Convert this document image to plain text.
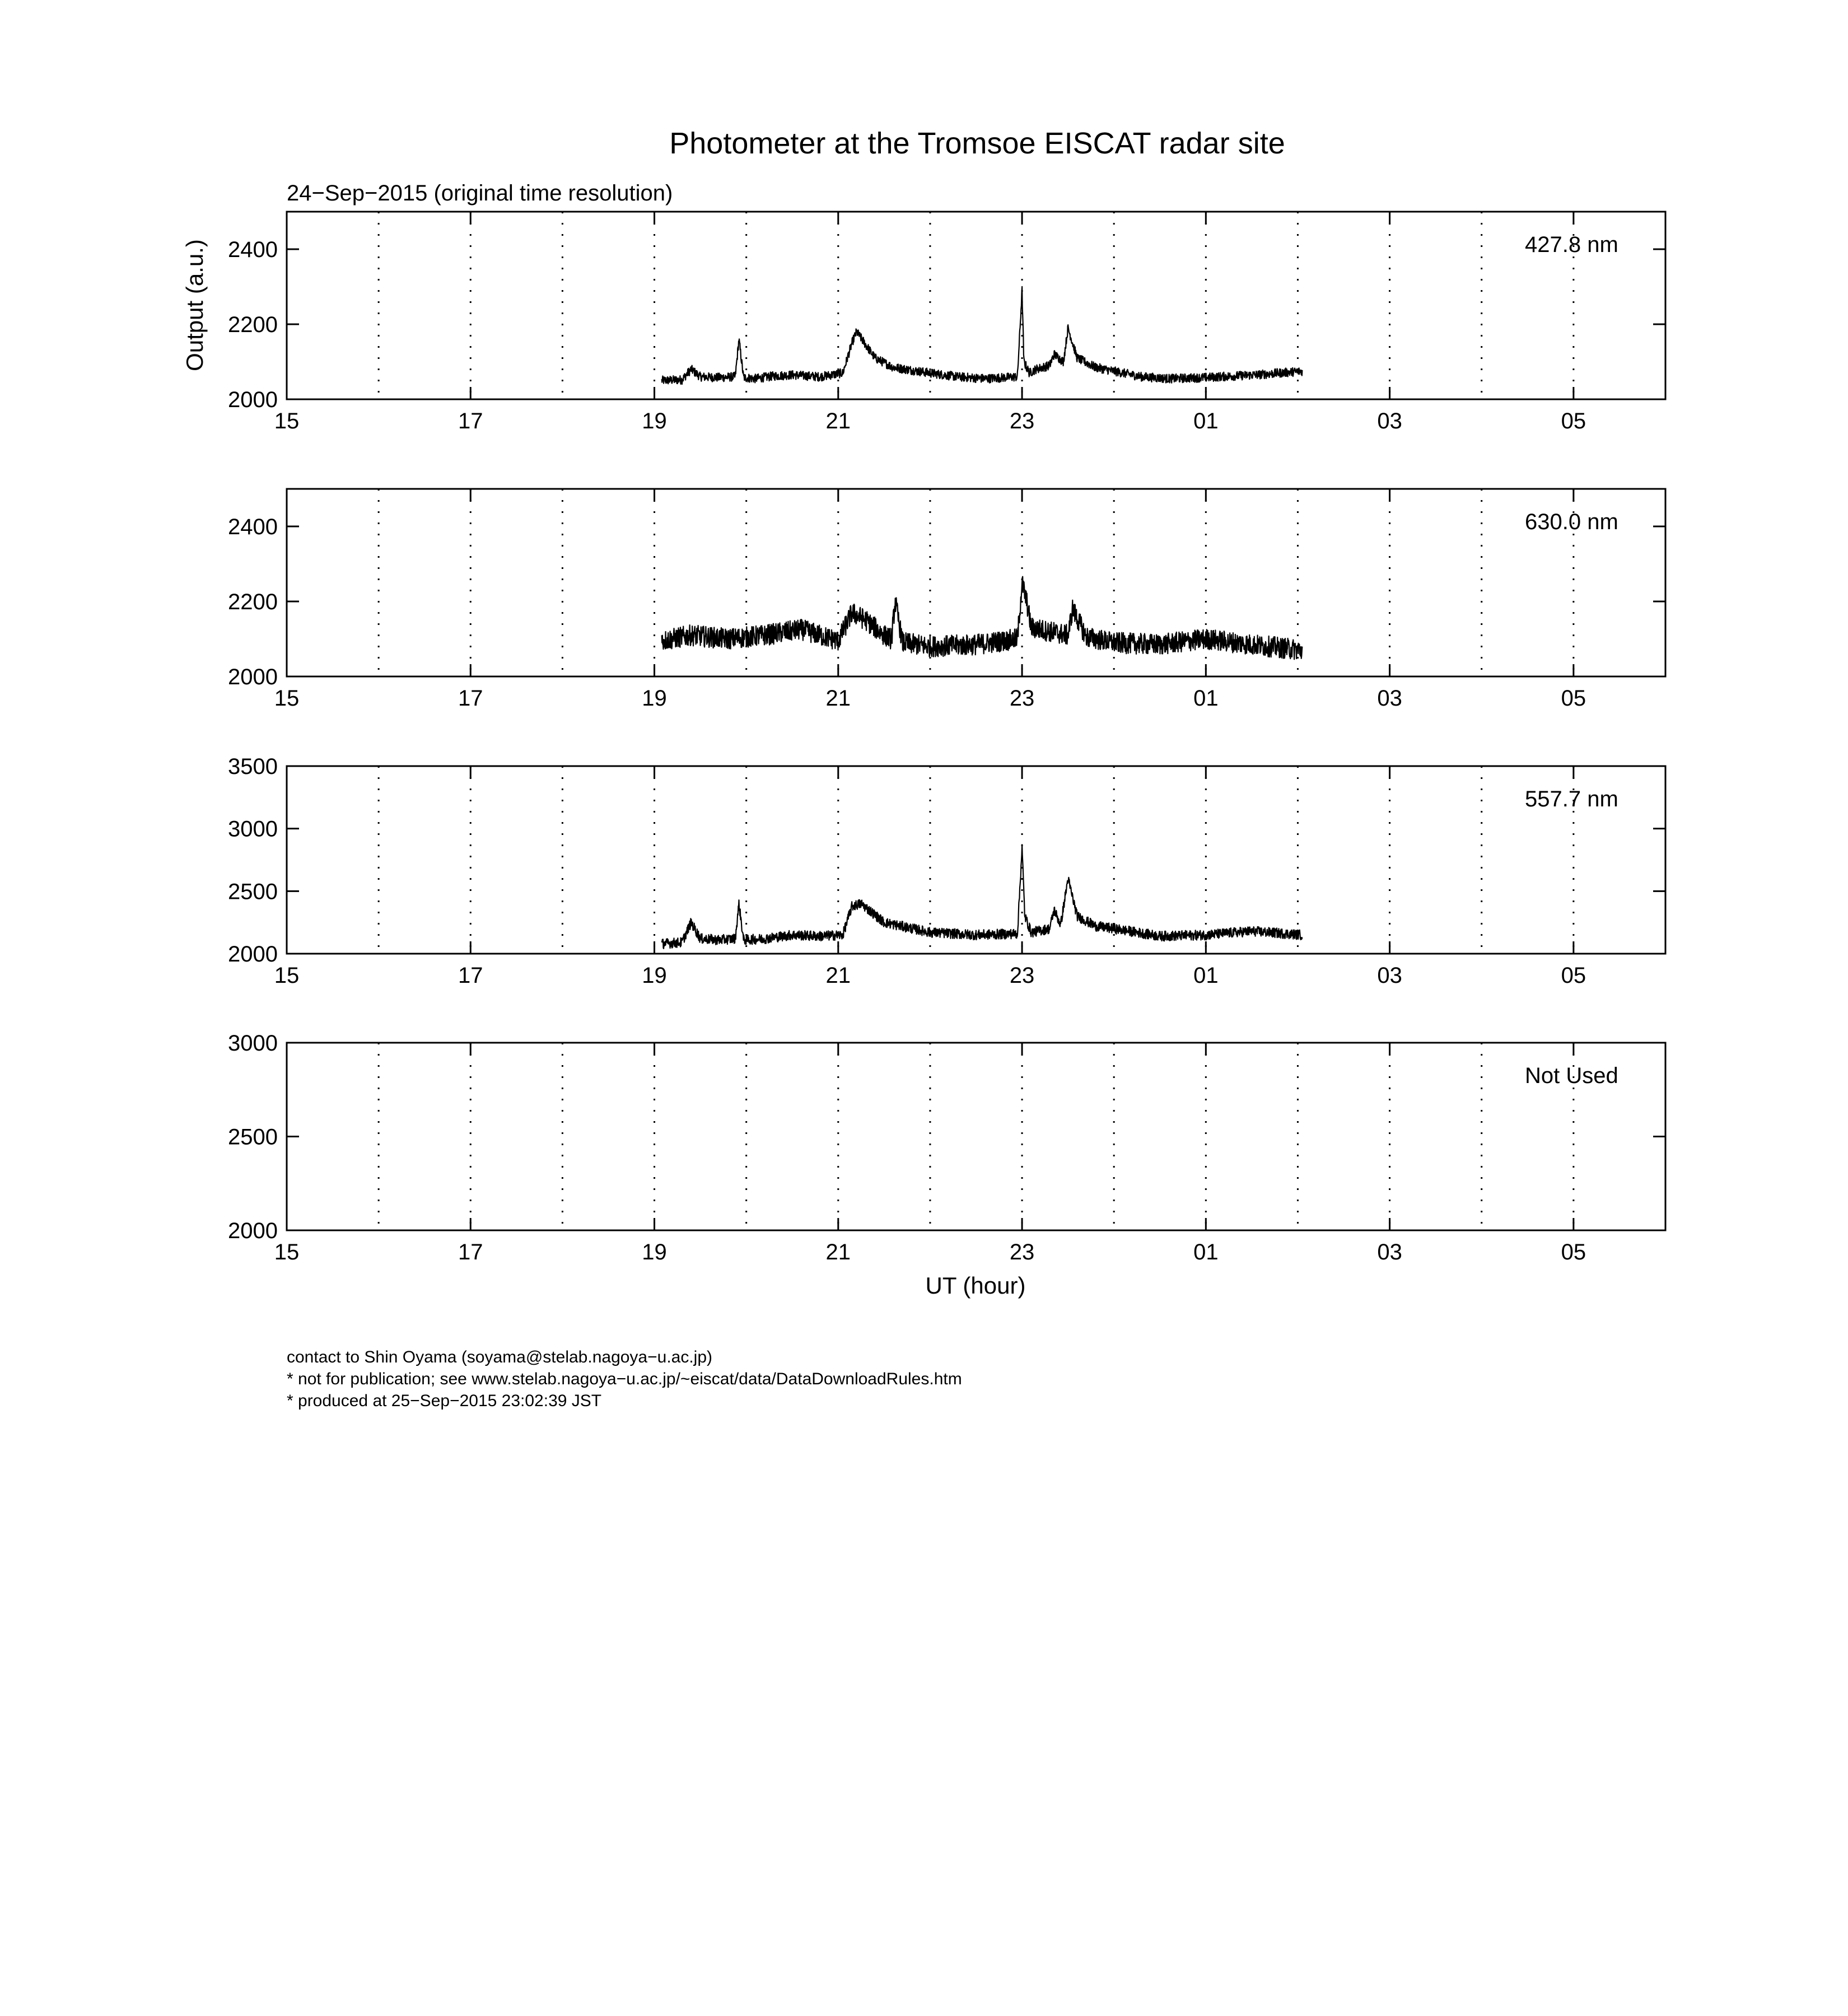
Photometer at the Tromsoe EISCAT radar site
24−Sep−2015 (original time resolution)
Output (a.u.)
2000
2200
2400
15	17	19	21	23	01	03	05
427.8 nm
2000
2200
2400
15	17	19	21	23	01	03	05
630.0 nm
2000
2500
3000
3500
15	17	19	21	23	01	03	05
557.7 nm
2000
2500
3000
15	17	19	21	23	01	03	05
Not Used
UT (hour)
contact to Shin Oyama (soyama@stelab.nagoya−u.ac.jp)
* not for publication; see www.stelab.nagoya−u.ac.jp/~eiscat/data/DataDownloadRules.htm
* produced at 25−Sep−2015 23:02:39 JST
